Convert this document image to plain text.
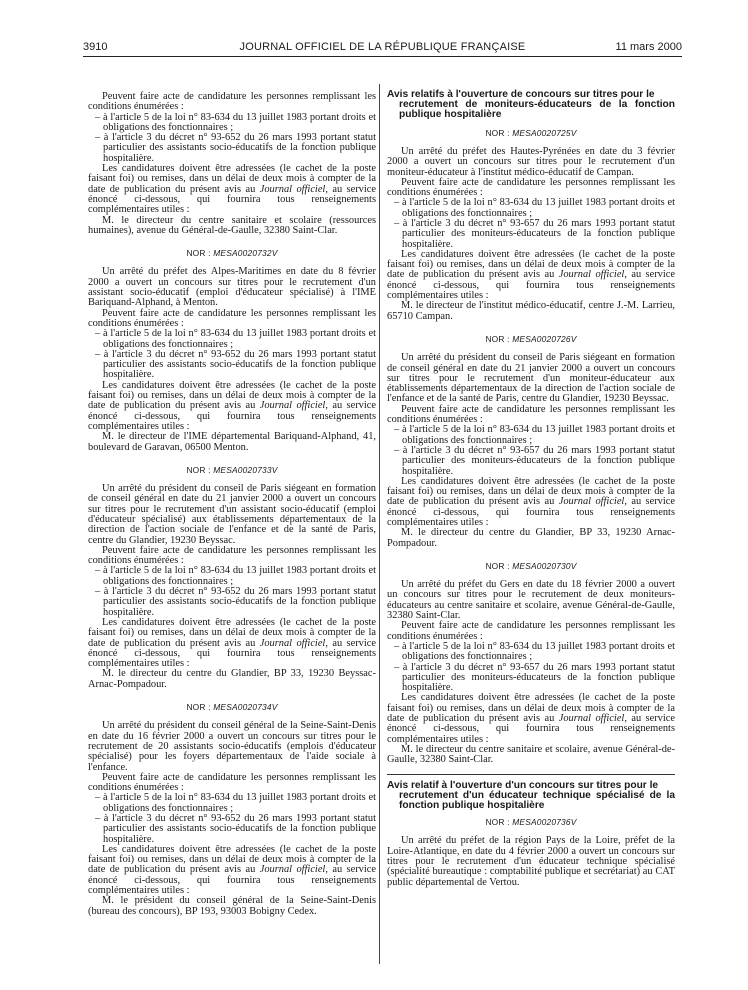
3910	JOURNAL OFFICIEL DE LA RÉPUBLIQUE FRANÇAISE	11 mars 2000

Peuvent faire acte de candidature les personnes remplissant les conditions énumérées :

– à l'article 5 de la loi n° 83-634 du 13 juillet 1983 portant droits et obligations des fonctionnaires ;

– à l'article 3 du décret n° 93-652 du 26 mars 1993 portant statut particulier des assistants socio-éducatifs de la fonction publique hospitalière.

Les candidatures doivent être adressées (le cachet de la poste faisant foi) ou remises, dans un délai de deux mois à compter de la date de publication du présent avis au Journal officiel, au service énoncé ci-dessous, qui fournira tous renseignements complémentaires utiles :

M. le directeur du centre sanitaire et scolaire (ressources humaines), avenue du Général-de-Gaulle, 32380 Saint-Clar.

NOR : MESA0020732V

Un arrêté du préfet des Alpes-Maritimes en date du 8 février 2000 a ouvert un concours sur titres pour le recrutement d'un assistant socio-éducatif (emploi d'éducateur spécialisé) à l'IME Bariquand-Alphand, à Menton.

Peuvent faire acte de candidature les personnes remplissant les conditions énumérées :

– à l'article 5 de la loi n° 83-634 du 13 juillet 1983 portant droits et obligations des fonctionnaires ;

– à l'article 3 du décret n° 93-652 du 26 mars 1993 portant statut particulier des assistants socio-éducatifs de la fonction publique hospitalière.

Les candidatures doivent être adressées (le cachet de la poste faisant foi) ou remises, dans un délai de deux mois à compter de la date de publication du présent avis au Journal officiel, au service énoncé ci-dessous, qui fournira tous renseignements complémentaires utiles :

M. le directeur de l'IME départemental Bariquand-Alphand, 41, boulevard de Garavan, 06500 Menton.

NOR : MESA0020733V

Un arrêté du président du conseil de Paris siégeant en formation de conseil général en date du 21 janvier 2000 a ouvert un concours sur titres pour le recrutement d'un assistant socio-éducatif (emploi d'éducateur spécialisé) aux établissements départementaux de la direction de l'action sociale de l'enfance et de la santé de Paris, centre du Glandier, 19230 Beyssac.

Peuvent faire acte de candidature les personnes remplissant les conditions énumérées :

– à l'article 5 de la loi n° 83-634 du 13 juillet 1983 portant droits et obligations des fonctionnaires ;

– à l'article 3 du décret n° 93-652 du 26 mars 1993 portant statut particulier des assistants socio-éducatifs de la fonction publique hospitalière.

Les candidatures doivent être adressées (le cachet de la poste faisant foi) ou remises, dans un délai de deux mois à compter de la date de publication du présent avis au Journal officiel, au service énoncé ci-dessous, qui fournira tous renseignements complémentaires utiles :

M. le directeur du centre du Glandier, BP 33, 19230 Beyssac-Arnac-Pompadour.

NOR : MESA0020734V

Un arrêté du président du conseil général de la Seine-Saint-Denis en date du 16 février 2000 a ouvert un concours sur titres pour le recrutement de 20 assistants socio-éducatifs (emplois d'éducateur spécialisé) pour les foyers départementaux de l'aide sociale à l'enfance.

Peuvent faire acte de candidature les personnes remplissant les conditions énumérées :

– à l'article 5 de la loi n° 83-634 du 13 juillet 1983 portant droits et obligations des fonctionnaires ;

– à l'article 3 du décret n° 93-652 du 26 mars 1993 portant statut particulier des assistants socio-éducatifs de la fonction publique hospitalière.

Les candidatures doivent être adressées (le cachet de la poste faisant foi) ou remises, dans un délai de deux mois à compter de la date de publication du présent avis au Journal officiel, au service énoncé ci-dessous, qui fournira tous renseignements complémentaires utiles :

M. le président du conseil général de la Seine-Saint-Denis (bureau des concours), BP 193, 93003 Bobigny Cedex.

Avis relatifs à l'ouverture de concours sur titres pour le
recrutement de moniteurs-éducateurs de la fonction publique hospitalière

NOR : MESA0020725V

Un arrêté du préfet des Hautes-Pyrénées en date du 3 février 2000 a ouvert un concours sur titres pour le recrutement d'un moniteur-éducateur à l'institut médico-éducatif de Campan.

Peuvent faire acte de candidature les personnes remplissant les conditions énumérées :

– à l'article 5 de la loi n° 83-634 du 13 juillet 1983 portant droits et obligations des fonctionnaires ;

– à l'article 3 du décret n° 93-657 du 26 mars 1993 portant statut particulier des moniteurs-éducateurs de la fonction publique hospitalière.

Les candidatures doivent être adressées (le cachet de la poste faisant foi) ou remises, dans un délai de deux mois à compter de la date de publication du présent avis au Journal officiel, au service énoncé ci-dessous, qui fournira tous renseignements complémentaires utiles :

M. le directeur de l'institut médico-éducatif, centre J.-M. Larrieu, 65710 Campan.

NOR : MESA0020726V

Un arrêté du président du conseil de Paris siégeant en formation de conseil général en date du 21 janvier 2000 a ouvert un concours sur titres pour le recrutement d'un moniteur-éducateur aux établissements départementaux de la direction de l'action sociale de l'enfance et de la santé de Paris, centre du Glandier, 19230 Beyssac.

Peuvent faire acte de candidature les personnes remplissant les conditions énumérées :

– à l'article 5 de la loi n° 83-634 du 13 juillet 1983 portant droits et obligations des fonctionnaires ;

– à l'article 3 du décret n° 93-657 du 26 mars 1993 portant statut particulier des moniteurs-éducateurs de la fonction publique hospitalière.

Les candidatures doivent être adressées (le cachet de la poste faisant foi) ou remises, dans un délai de deux mois à compter de la date de publication du présent avis au Journal officiel, au service énoncé ci-dessous, qui fournira tous renseignements complémentaires utiles :

M. le directeur du centre du Glandier, BP 33, 19230 Arnac-Pompadour.

NOR : MESA0020730V

Un arrêté du préfet du Gers en date du 18 février 2000 a ouvert un concours sur titres pour le recrutement de deux moniteurs-éducateurs au centre sanitaire et scolaire, avenue Général-de-Gaulle, 32380 Saint-Clar.

Peuvent faire acte de candidature les personnes remplissant les conditions énumérées :

– à l'article 5 de la loi n° 83-634 du 13 juillet 1983 portant droits et obligations des fonctionnaires ;

– à l'article 3 du décret n° 93-657 du 26 mars 1993 portant statut particulier des moniteurs-éducateurs de la fonction publique hospitalière.

Les candidatures doivent être adressées (le cachet de la poste faisant foi) ou remises, dans un délai de deux mois à compter de la date de publication du présent avis au Journal officiel, au service énoncé ci-dessous, qui fournira tous renseignements complémentaires utiles :

M. le directeur du centre sanitaire et scolaire, avenue Général-de-Gaulle, 32380 Saint-Clar.

Avis relatif à l'ouverture d'un concours sur titres pour le
recrutement d'un éducateur technique spécialisé de la fonction publique hospitalière

NOR : MESA0020736V

Un arrêté du préfet de la région Pays de la Loire, préfet de la Loire-Atlantique, en date du 4 février 2000 a ouvert un concours sur titres pour le recrutement d'un éducateur technique spécialisé (spécialité bureautique : comptabilité publique et secrétariat) au CAT public départemental de Vertou.
